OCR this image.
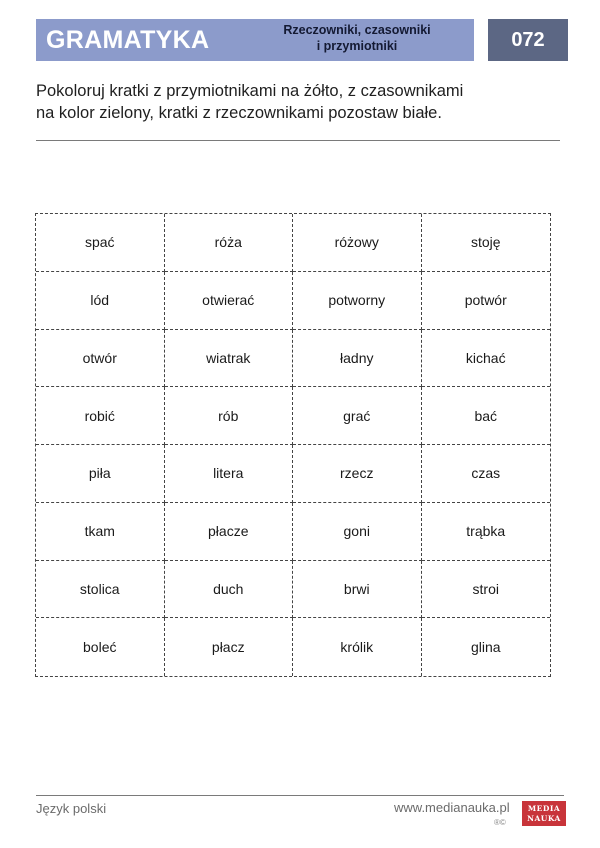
GRAMATYKA	Rzeczowniki, czasowniki
i przymiotniki	072
Pokoloruj kratki z przymiotnikami na żółto, z czasownikami
na kolor zielony, kratki z rzeczownikami pozostaw białe.
spać	róża	różowy	stoję
lód	otwierać	potworny	potwór
otwór	wiatrak	ładny	kichać
robić	rób	grać	bać
piła	litera	rzecz	czas
tkam	płacze	goni	trąbka
stolica	duch	brwi	stroi
boleć	płacz	królik	glina
Język polski	www.medianauka.pl
®©
MEDIA
NAUKA
